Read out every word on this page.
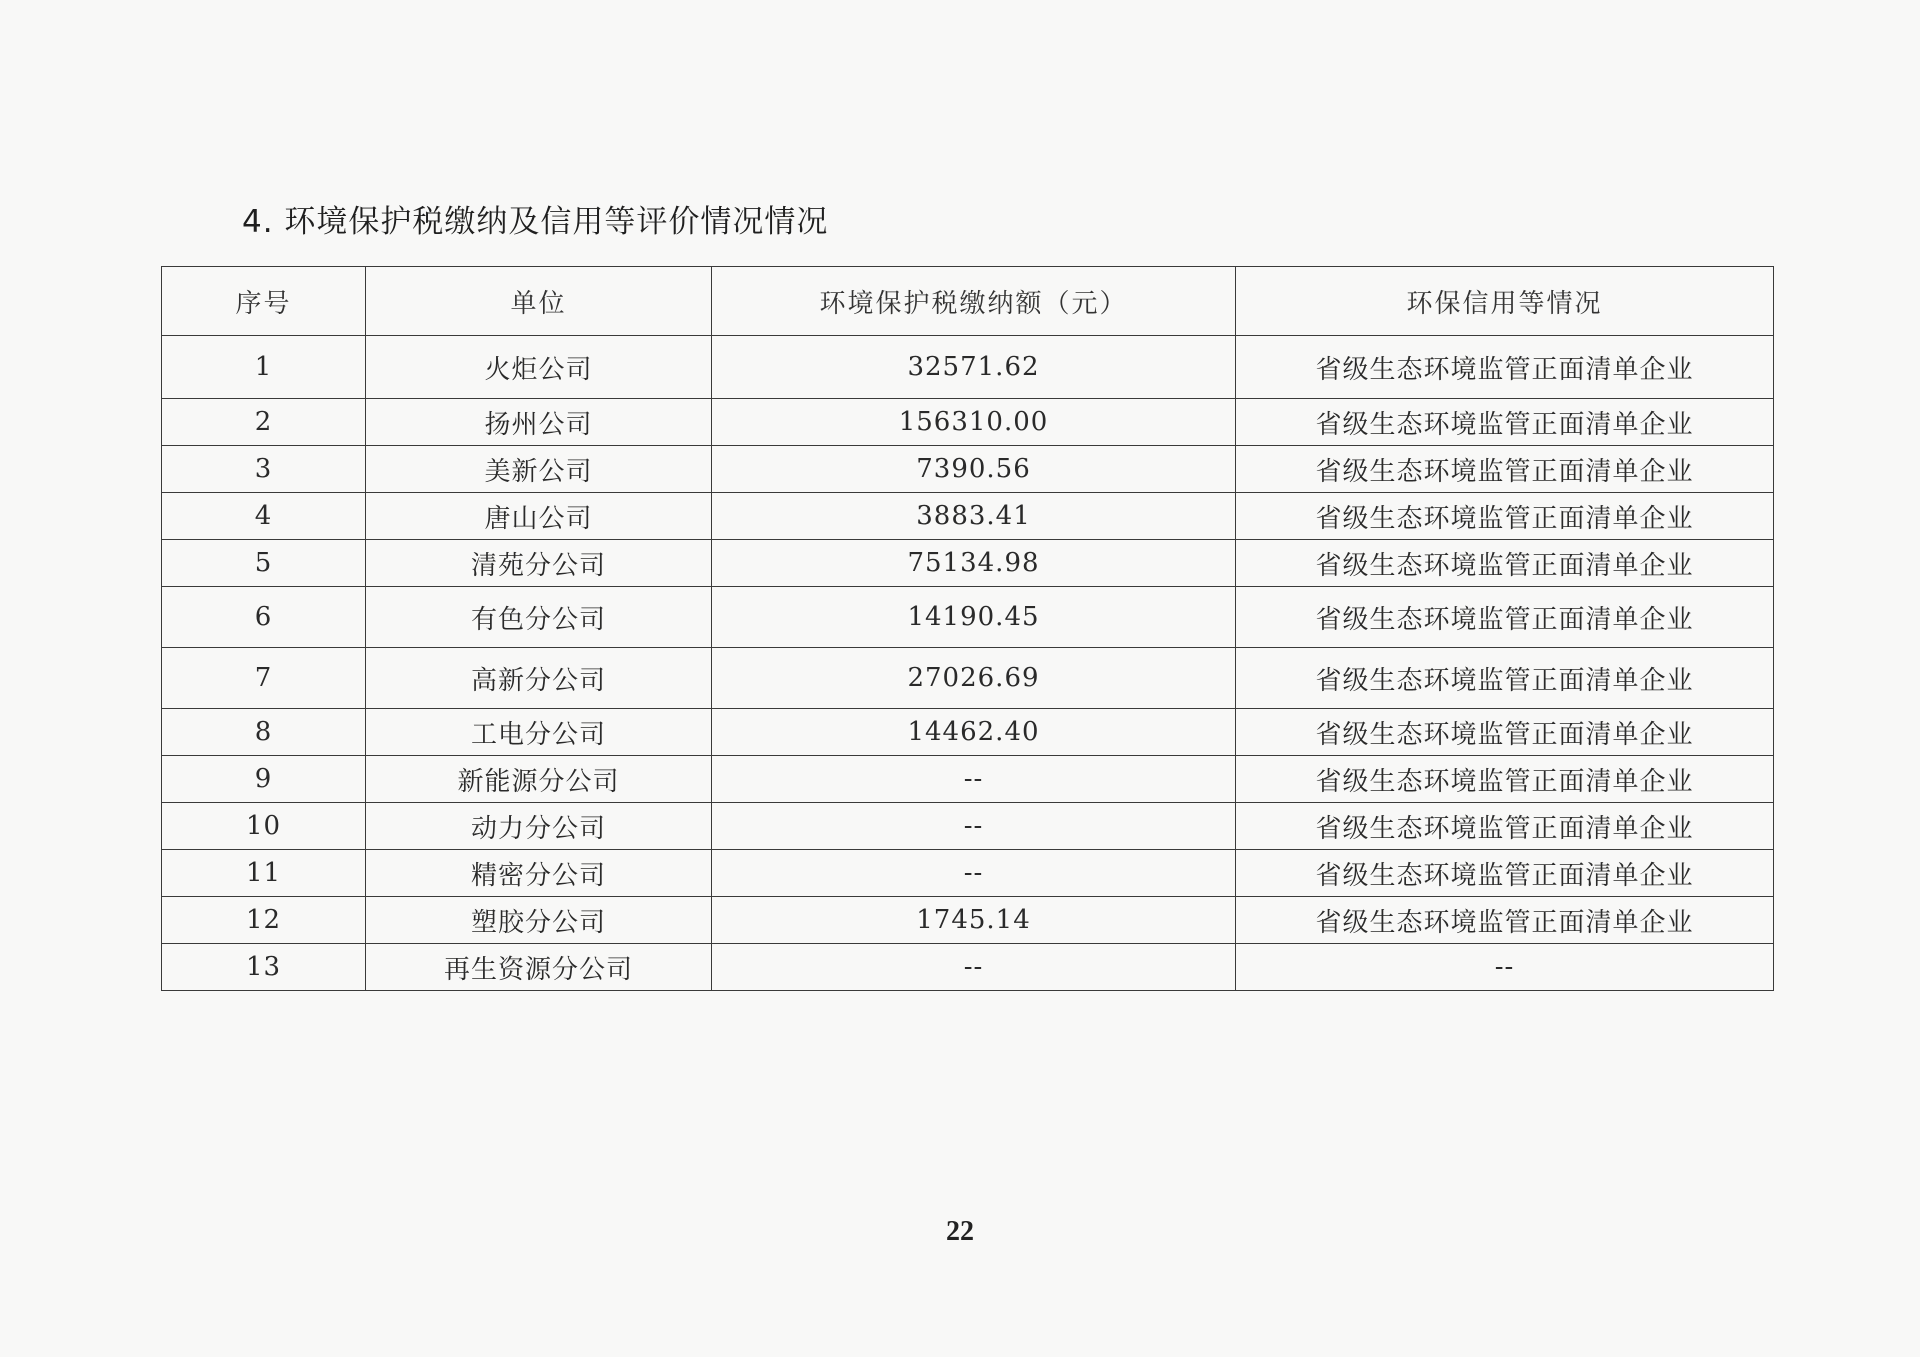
4. 环境保护税缴纳及信用等评价情况情况
序号	单位	环境保护税缴纳额（元）	环保信用等情况
1	火炬公司	32571.62	省级生态环境监管正面清单企业
2	扬州公司	156310.00	省级生态环境监管正面清单企业
3	美新公司	7390.56	省级生态环境监管正面清单企业
4	唐山公司	3883.41	省级生态环境监管正面清单企业
5	清苑分公司	75134.98	省级生态环境监管正面清单企业
6	有色分公司	14190.45	省级生态环境监管正面清单企业
7	高新分公司	27026.69	省级生态环境监管正面清单企业
8	工电分公司	14462.40	省级生态环境监管正面清单企业
9	新能源分公司	--	省级生态环境监管正面清单企业
10	动力分公司	--	省级生态环境监管正面清单企业
11	精密分公司	--	省级生态环境监管正面清单企业
12	塑胶分公司	1745.14	省级生态环境监管正面清单企业
13	再生资源分公司	--	--
22
